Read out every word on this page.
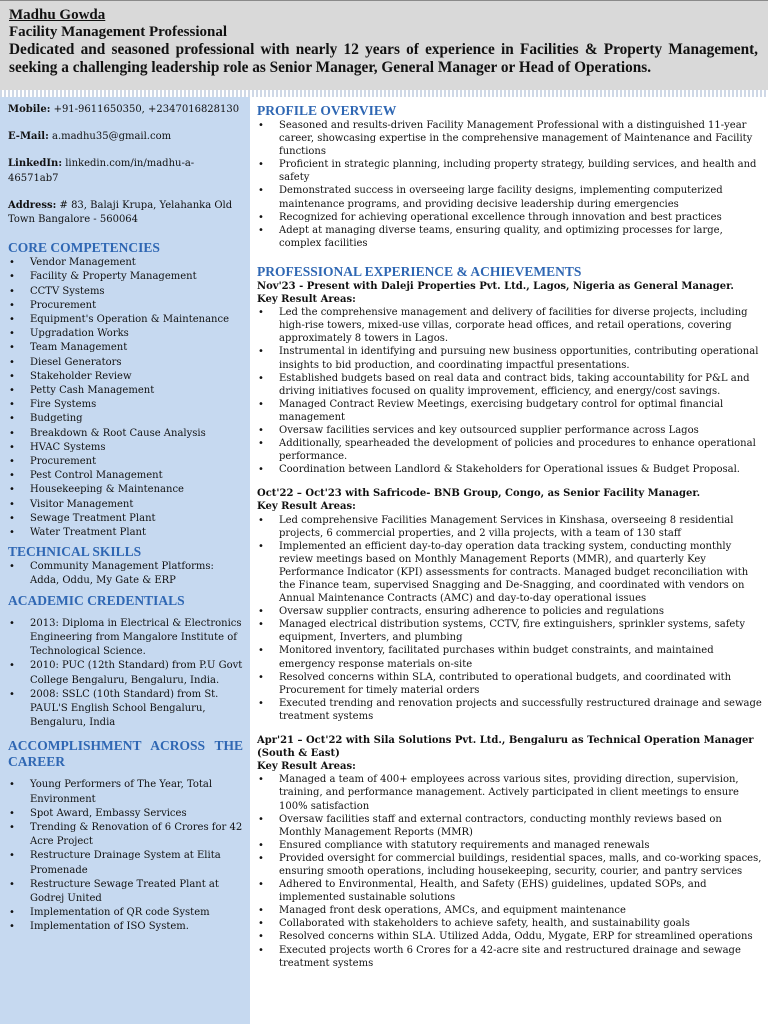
Madhu Gowda
Facility Management Professional
Dedicated and seasoned professional with nearly 12 years of experience in Facilities & Property Management, seeking a challenging leadership role as Senior Manager, General Manager or Head of Operations.
Mobile: +91-9611650350, +2347016828130
E-Mail: a.madhu35@gmail.com
LinkedIn: linkedin.com/in/madhu-a-46571ab7
Address: # 83, Balaji Krupa, Yelahanka Old Town Bangalore - 560064
CORE COMPETENCIES
• Vendor Management
• Facility & Property Management
• CCTV Systems
• Procurement
• Equipment's Operation & Maintenance
• Upgradation Works
• Team Management
• Diesel Generators
• Stakeholder Review
• Petty Cash Management
• Fire Systems
• Budgeting
• Breakdown & Root Cause Analysis
• HVAC Systems
• Procurement
• Pest Control Management
• Housekeeping & Maintenance
• Visitor Management
• Sewage Treatment Plant
• Water Treatment Plant
TECHNICAL SKILLS
• Community Management Platforms: Adda, Oddu, My Gate & ERP
ACADEMIC CREDENTIALS
• 2013: Diploma in Electrical & Electronics Engineering from Mangalore Institute of Technological Science.
• 2010: PUC (12th Standard) from P.U Govt College Bengaluru, Bengaluru, India.
• 2008: SSLC (10th Standard) from St. PAUL'S English School Bengaluru, Bengaluru, India
ACCOMPLISHMENT ACROSS THE CAREER
• Young Performers of The Year, Total Environment
• Spot Award, Embassy Services
• Trending & Renovation of 6 Crores for 42 Acre Project
• Restructure Drainage System at Elita Promenade
• Restructure Sewage Treated Plant at Godrej United
• Implementation of QR code System
• Implementation of ISO System.
PROFILE OVERVIEW
• Seasoned and results-driven Facility Management Professional with a distinguished 11-year career, showcasing expertise in the comprehensive management of Maintenance and Facility functions
• Proficient in strategic planning, including property strategy, building services, and health and safety
• Demonstrated success in overseeing large facility designs, implementing computerized maintenance programs, and providing decisive leadership during emergencies
• Recognized for achieving operational excellence through innovation and best practices
• Adept at managing diverse teams, ensuring quality, and optimizing processes for large, complex facilities
PROFESSIONAL EXPERIENCE & ACHIEVEMENTS

Nov'23 - Present with Daleji Properties Pvt. Ltd., Lagos, Nigeria as General Manager.

Key Result Areas:

• Led the comprehensive management and delivery of facilities for diverse projects, including high-rise towers, mixed-use villas, corporate head offices, and retail operations, covering approximately 8 towers in Lagos.
• Instrumental in identifying and pursuing new business opportunities, contributing operational insights to bid production, and coordinating impactful presentations.
• Established budgets based on real data and contract bids, taking accountability for P&L and driving initiatives focused on quality improvement, efficiency, and energy/cost savings.
• Managed Contract Review Meetings, exercising budgetary control for optimal financial management
• Oversaw facilities services and key outsourced supplier performance across Lagos
• Additionally, spearheaded the development of policies and procedures to enhance operational performance.
• Coordination between Landlord & Stakeholders for Operational issues & Budget Proposal.

Oct'22 – Oct'23 with Safricode- BNB Group, Congo, as Senior Facility Manager.

Key Result Areas:

• Led comprehensive Facilities Management Services in Kinshasa, overseeing 8 residential projects, 6 commercial properties, and 2 villa projects, with a team of 130 staff
• Implemented an efficient day-to-day operation data tracking system, conducting monthly review meetings based on Monthly Management Reports (MMR), and quarterly Key Performance Indicator (KPI) assessments for contracts. Managed budget reconciliation with the Finance team, supervised Snagging and De-Snagging, and coordinated with vendors on Annual Maintenance Contracts (AMC) and day-to-day operational issues
• Oversaw supplier contracts, ensuring adherence to policies and regulations
• Managed electrical distribution systems, CCTV, fire extinguishers, sprinkler systems, safety equipment, Inverters, and plumbing
• Monitored inventory, facilitated purchases within budget constraints, and maintained emergency response materials on-site
• Resolved concerns within SLA, contributed to operational budgets, and coordinated with Procurement for timely material orders
• Executed trending and renovation projects and successfully restructured drainage and sewage treatment systems

Apr'21 – Oct'22 with Sila Solutions Pvt. Ltd., Bengaluru as Technical Operation Manager (South & East)

Key Result Areas:

• Managed a team of 400+ employees across various sites, providing direction, supervision, training, and performance management. Actively participated in client meetings to ensure 100% satisfaction
• Oversaw facilities staff and external contractors, conducting monthly reviews based on Monthly Management Reports (MMR)
• Ensured compliance with statutory requirements and managed renewals
• Provided oversight for commercial buildings, residential spaces, malls, and co-working spaces, ensuring smooth operations, including housekeeping, security, courier, and pantry services
• Adhered to Environmental, Health, and Safety (EHS) guidelines, updated SOPs, and implemented sustainable solutions
• Managed front desk operations, AMCs, and equipment maintenance
• Collaborated with stakeholders to achieve safety, health, and sustainability goals
• Resolved concerns within SLA. Utilized Adda, Oddu, Mygate, ERP for streamlined operations
• Executed projects worth 6 Crores for a 42-acre site and restructured drainage and sewage treatment systems
